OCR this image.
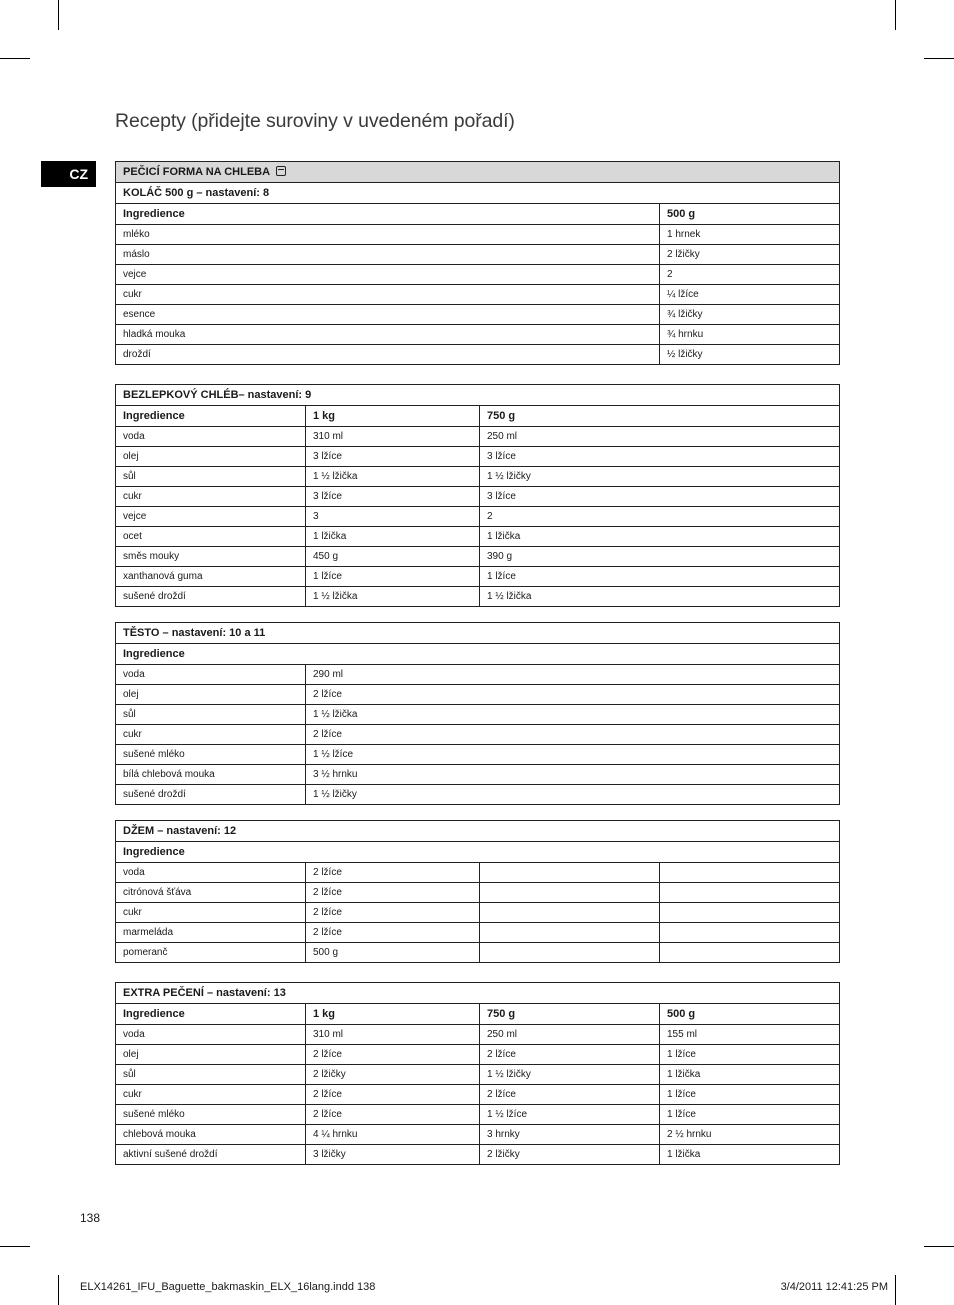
Recepty (přidejte suroviny v uvedeném pořadí)
CZ	PEČICÍ FORMA NA CHLEBA	
KOLÁČ 500 g – nastavení: 8	
Ingredience	500 g
mléko	1 hrnek
máslo	2 lžičky
vejce	2
cukr	¼ lžíce
esence	¾ lžičky
hladká mouka	¾ hrnku
droždí	½ lžičky
BEZLEPKOVÝ CHLÉB– nastavení: 9		
Ingredience	1 kg	750 g
voda	310 ml	250 ml
olej	3 lžíce	3 lžíce
sůl	1 ½ lžička	1 ½ lžičky
cukr	3 lžíce	3 lžíce
vejce	3	2
ocet	1 lžička	1 lžička
směs mouky	450 g	390 g
xanthanová guma	1 lžíce	1 lžíce
sušené droždí	1 ½ lžička	1 ½ lžička
TĚSTO – nastavení: 10 a 11	
Ingredience	
voda	290 ml
olej	2 lžíce
sůl	1 ½ lžička
cukr	2 lžíce
sušené mléko	1 ½ lžíce
bílá chlebová mouka	3 ½ hrnku
sušené droždí	1 ½ lžičky
DŽEM – nastavení: 12			
Ingredience			
voda	2 lžíce		
citrónová šťáva	2 lžíce		
cukr	2 lžíce		
marmeláda	2 lžíce		
pomeranč	500 g		
EXTRA PEČENÍ – nastavení: 13			
Ingredience	1 kg	750 g	500 g
voda	310 ml	250 ml	155 ml
olej	2 lžíce	2 lžíce	1 lžíce
sůl	2 lžičky	1 ½ lžičky	1 lžička
cukr	2 lžíce	2 lžíce	1 lžíce
sušené mléko	2 lžíce	1 ½ lžíce	1 lžíce
chlebová mouka	4 ¼ hrnku	3 hrnky	2 ½ hrnku
aktivní sušené droždí	3 lžičky	2 lžičky	1 lžička
138
ELX14261_IFU_Baguette_bakmaskin_ELX_16lang.indd 138	3/4/2011 12:41:25 PM
